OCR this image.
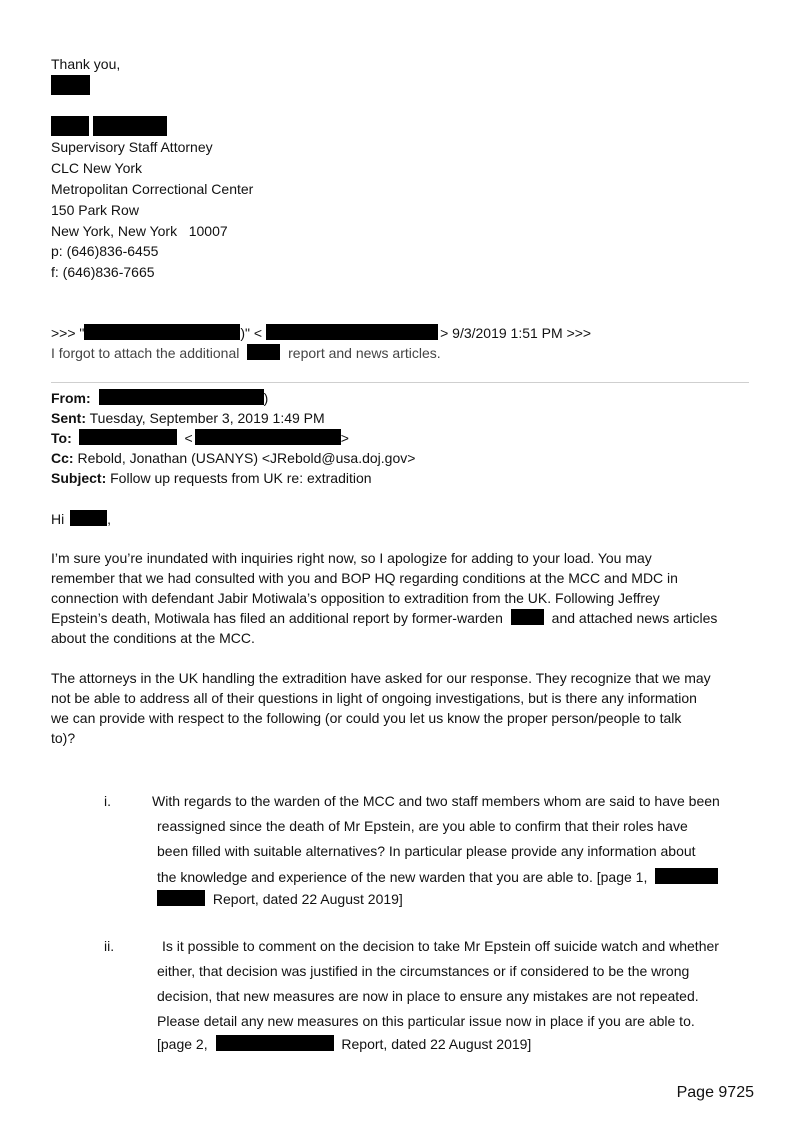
Thank you,
Supervisory Staff Attorney
CLC New York
Metropolitan Correctional Center
150 Park Row
New York, New York   10007
p: (646)836-6455
f: (646)836-7665
>>> "	)" <	> 9/3/2019 1:51 PM >>>
I forgot to attach the additional	report and news articles.
From:	)
Sent: Tuesday, September 3, 2019 1:49 PM
To:	<	>
Cc: Rebold, Jonathan (USANYS) <JRebold@usa.doj.gov>
Subject: Follow up requests from UK re: extradition
Hi	,
I’m sure you’re inundated with inquiries right now, so I apologize for adding to your load. You may
remember that we had consulted with you and BOP HQ regarding conditions at the MCC and MDC in
connection with defendant Jabir Motiwala’s opposition to extradition from the UK. Following Jeffrey
Epstein’s death, Motiwala has filed an additional report by former-warden	and attached news articles
about the conditions at the MCC.
The attorneys in the UK handling the extradition have asked for our response. They recognize that we may
not be able to address all of their questions in light of ongoing investigations, but is there any information
we can provide with respect to the following (or could you let us know the proper person/people to talk
to)?
i.	With regards to the warden of the MCC and two staff members whom are said to have been
reassigned since the death of Mr Epstein, are you able to confirm that their roles have
been filled with suitable alternatives? In particular please provide any information about
the knowledge and experience of the new warden that you are able to. [page 1,
Report, dated 22 August 2019]
ii.	Is it possible to comment on the decision to take Mr Epstein off suicide watch and whether
either, that decision was justified in the circumstances or if considered to be the wrong
decision, that new measures are now in place to ensure any mistakes are not repeated.
Please detail any new measures on this particular issue now in place if you are able to.
[page 2,	Report, dated 22 August 2019]
Page 9725
